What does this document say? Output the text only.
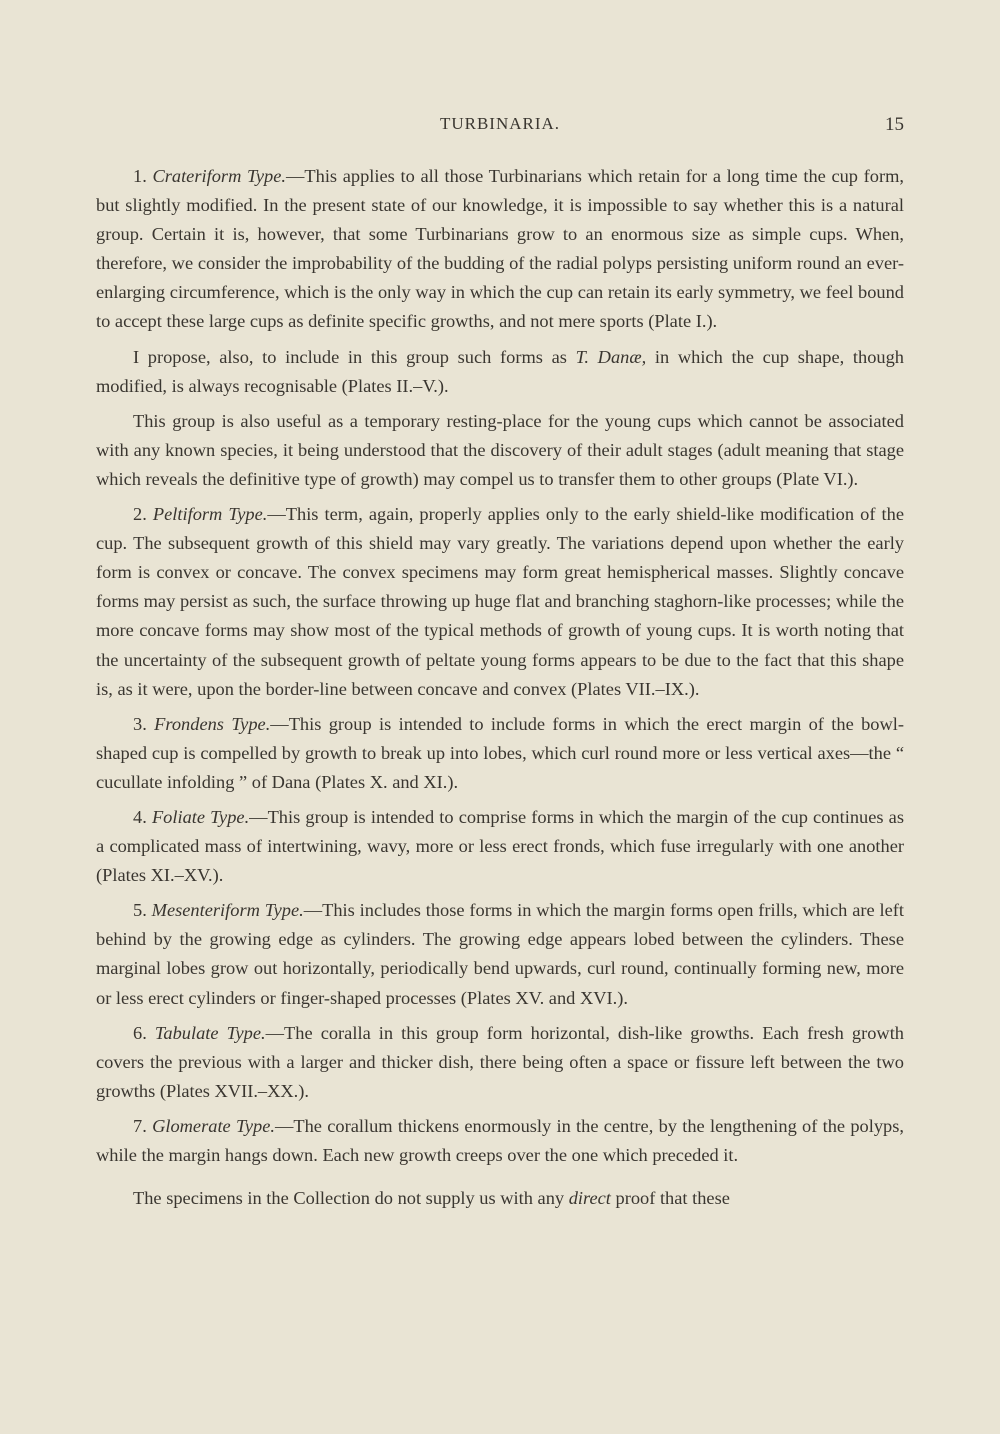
TURBINARIA.	15

1. Crateriform Type.—This applies to all those Turbinarians which retain for a long time the cup form, but slightly modified. In the present state of our knowledge, it is impossible to say whether this is a natural group. Certain it is, however, that some Turbinarians grow to an enormous size as simple cups. When, therefore, we consider the improbability of the budding of the radial polyps persisting uniform round an ever-enlarging circumference, which is the only way in which the cup can retain its early symmetry, we feel bound to accept these large cups as definite specific growths, and not mere sports (Plate I.).

I propose, also, to include in this group such forms as T. Danæ, in which the cup shape, though modified, is always recognisable (Plates II.–V.).

This group is also useful as a temporary resting-place for the young cups which cannot be associated with any known species, it being understood that the discovery of their adult stages (adult meaning that stage which reveals the definitive type of growth) may compel us to transfer them to other groups (Plate VI.).

2. Peltiform Type.—This term, again, properly applies only to the early shield-like modification of the cup. The subsequent growth of this shield may vary greatly. The variations depend upon whether the early form is convex or concave. The convex specimens may form great hemispherical masses. Slightly concave forms may persist as such, the surface throwing up huge flat and branching staghorn-like processes; while the more concave forms may show most of the typical methods of growth of young cups. It is worth noting that the uncertainty of the subsequent growth of peltate young forms appears to be due to the fact that this shape is, as it were, upon the border-line between concave and convex (Plates VII.–IX.).

3. Frondens Type.—This group is intended to include forms in which the erect margin of the bowl-shaped cup is compelled by growth to break up into lobes, which curl round more or less vertical axes—the “ cucullate infolding ” of Dana (Plates X. and XI.).

4. Foliate Type.—This group is intended to comprise forms in which the margin of the cup continues as a complicated mass of intertwining, wavy, more or less erect fronds, which fuse irregularly with one another (Plates XI.–XV.).

5. Mesenteriform Type.—This includes those forms in which the margin forms open frills, which are left behind by the growing edge as cylinders. The growing edge appears lobed between the cylinders. These marginal lobes grow out horizontally, periodically bend upwards, curl round, continually forming new, more or less erect cylinders or finger-shaped processes (Plates XV. and XVI.).

6. Tabulate Type.—The coralla in this group form horizontal, dish-like growths. Each fresh growth covers the previous with a larger and thicker dish, there being often a space or fissure left between the two growths (Plates XVII.–XX.).

7. Glomerate Type.—The corallum thickens enormously in the centre, by the lengthening of the polyps, while the margin hangs down. Each new growth creeps over the one which preceded it.

The specimens in the Collection do not supply us with any direct proof that these
